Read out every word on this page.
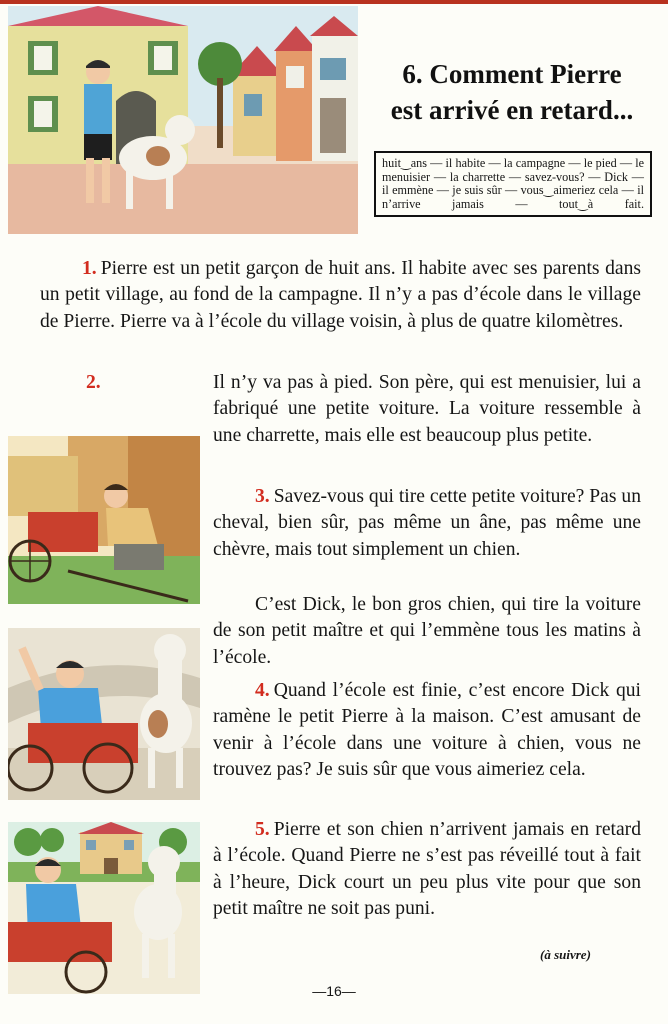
6. Comment Pierre
est arrivé en retard...
huit‿ans — il habite — la campagne — le pied — le menuisier — la charrette — savez-vous? — Dick — il emmène — je suis sûr — vous‿aimeriez cela — il n’arrive jamais — tout‿à fait.

1. Pierre est un petit garçon de huit ans. Il habite avec ses parents dans un petit village, au fond de la campagne. Il n’y a pas d’école dans le village de Pierre. Pierre va à l’école du village voisin, à plus de quatre kilomètres.

2.	Il n’y va pas à pied. Son père, qui est menuisier, lui a fabriqué une petite voiture. La voiture ressemble à une charrette, mais elle est beaucoup plus petite.

3. Savez-vous qui tire cette petite voiture? Pas un cheval, bien sûr, pas même un âne, pas même une chèvre, mais tout simplement un chien.

C’est Dick, le bon gros chien, qui tire la voiture de son petit maître et qui l’emmène tous les matins à l’école.

4. Quand l’école est finie, c’est encore Dick qui ramène le petit Pierre à la maison. C’est amusant de venir à l’école dans une voiture à chien, vous ne trouvez pas? Je suis sûr que vous aimeriez cela.

5. Pierre et son chien n’arrivent jamais en retard à l’école. Quand Pierre ne s’est pas réveillé tout à fait à l’heure, Dick court un peu plus vite pour que son petit maître ne soit pas puni.

(à suivre)
—16—
